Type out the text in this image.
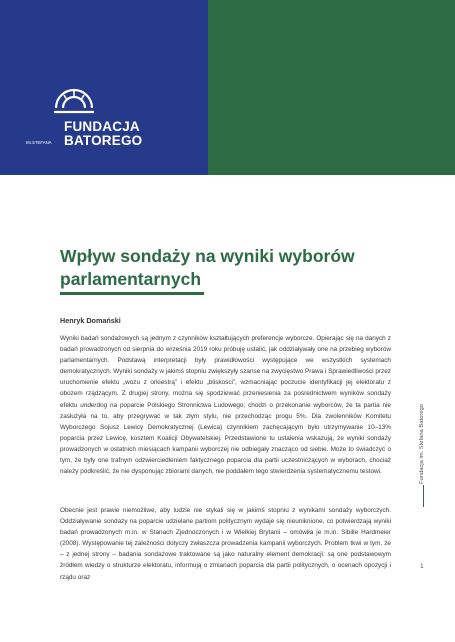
FUNDACJA
IM.STEFANA BATOREGO
Wpływ sondaży na wyniki wyborów parlamentarnych
Henryk Domański

Wyniki badań sondażowych są jednym z czynników kształtujących preferencje wyborcze. Opierając się na danych z badań prowadzonych od sierpnia do września 2019 roku próbuję ustalić, jak oddziaływały one na przebieg wyborów parlamentarnych. Podstawą interpretacji były prawidłowości występujące we wszystkich systemach demokratycznych. Wyniki sondaży w jakimś stopniu zwiększyły szanse na zwycięstwo Prawa i Sprawiedliwości przez uruchomienie efektu „wozu z orkiestrą” i efektu „bliskości”, wzmacniając poczucie identyfikacji jej elektoratu z obozem rządzącym. Z drugiej strony, można się spodziewać przeniesienia za pośrednictwem wyników sondaży efektu underdog na poparcie Polskiego Stronnictwa Ludowego; chodzi o przekonanie wyborców, że ta partia nie zasłużyła na to, aby przegrywać w tak złym stylu, nie przechodząc progu 5%. Dla zwolenników Komitetu Wyborczego Sojusz Lewicy Demokratycznej (Lewica) czynnikiem zachęcającym było utrzymywanie 10–13% poparcia przez Lewicę, kosztem Koalicji Obywatelskiej. Przedstawione tu ustalenia wskazują, że wyniki sondaży prowadzonych w ostatnich miesiącach kampanii wyborczej nie odbiegały znacząco od siebie. Może to świadczyć o tym, że były one trafnym odzwierciedleniem faktycznego poparcia dla partii uczestniczących w wyborach, chociaż należy podkreślić, że nie dysponując zbiorami danych, nie poddałem tego stwierdzenia systematycznemu testowi.

Obecnie jest prawie niemożliwe, aby ludzie nie stykali się w jakimś stopniu z wynikami sondaży wyborczych. Oddziaływanie sondaży na poparcie udzielane partiom politycznym wydaje się nieuniknione, co potwierdzają wyniki badań prowadzonych m.in. w Stanach Zjednoczonych i w Wielkiej Brytanii – omówiła je m.in. Sibille Hardmeier (2008). Występowanie tej zależności dotyczy zwłaszcza prowadzenia kampanii wyborczych. Problem tkwi w tym, że – z jednej strony – badania sondażowe traktowane są jako naturalny element demokracji: są one podstawowym źródłem wiedzy o strukturze elektoratu, informują o zmianach poparcia dla partii politycznych, o ocenach opozycji i rządu oraz

Fundacja im. Stefana Batorego
1
